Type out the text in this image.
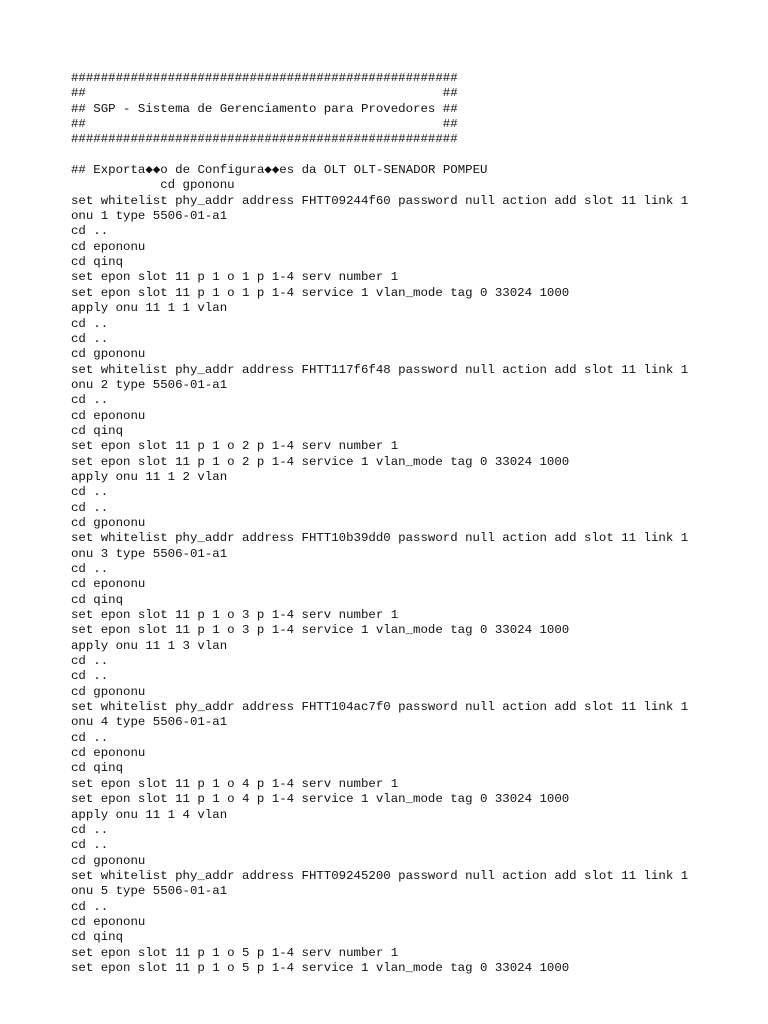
####################################################
##                                                ##
## SGP - Sistema de Gerenciamento para Provedores ##
##                                                ##
####################################################
## Exporta◆◆o de Configura◆◆es da OLT OLT-SENADOR POMPEU
cd gpononu
set whitelist phy_addr address FHTT09244f60 password null action add slot 11 link 1
onu 1 type 5506-01-a1
cd ..
cd epononu
cd qinq
set epon slot 11 p 1 o 1 p 1-4 serv number 1
set epon slot 11 p 1 o 1 p 1-4 service 1 vlan_mode tag 0 33024 1000
apply onu 11 1 1 vlan
cd ..
cd ..
cd gpononu
set whitelist phy_addr address FHTT117f6f48 password null action add slot 11 link 1
onu 2 type 5506-01-a1
cd ..
cd epononu
cd qinq
set epon slot 11 p 1 o 2 p 1-4 serv number 1
set epon slot 11 p 1 o 2 p 1-4 service 1 vlan_mode tag 0 33024 1000
apply onu 11 1 2 vlan
cd ..
cd ..
cd gpononu
set whitelist phy_addr address FHTT10b39dd0 password null action add slot 11 link 1
onu 3 type 5506-01-a1
cd ..
cd epononu
cd qinq
set epon slot 11 p 1 o 3 p 1-4 serv number 1
set epon slot 11 p 1 o 3 p 1-4 service 1 vlan_mode tag 0 33024 1000
apply onu 11 1 3 vlan
cd ..
cd ..
cd gpononu
set whitelist phy_addr address FHTT104ac7f0 password null action add slot 11 link 1
onu 4 type 5506-01-a1
cd ..
cd epononu
cd qinq
set epon slot 11 p 1 o 4 p 1-4 serv number 1
set epon slot 11 p 1 o 4 p 1-4 service 1 vlan_mode tag 0 33024 1000
apply onu 11 1 4 vlan
cd ..
cd ..
cd gpononu
set whitelist phy_addr address FHTT09245200 password null action add slot 11 link 1
onu 5 type 5506-01-a1
cd ..
cd epononu
cd qinq
set epon slot 11 p 1 o 5 p 1-4 serv number 1
set epon slot 11 p 1 o 5 p 1-4 service 1 vlan_mode tag 0 33024 1000
